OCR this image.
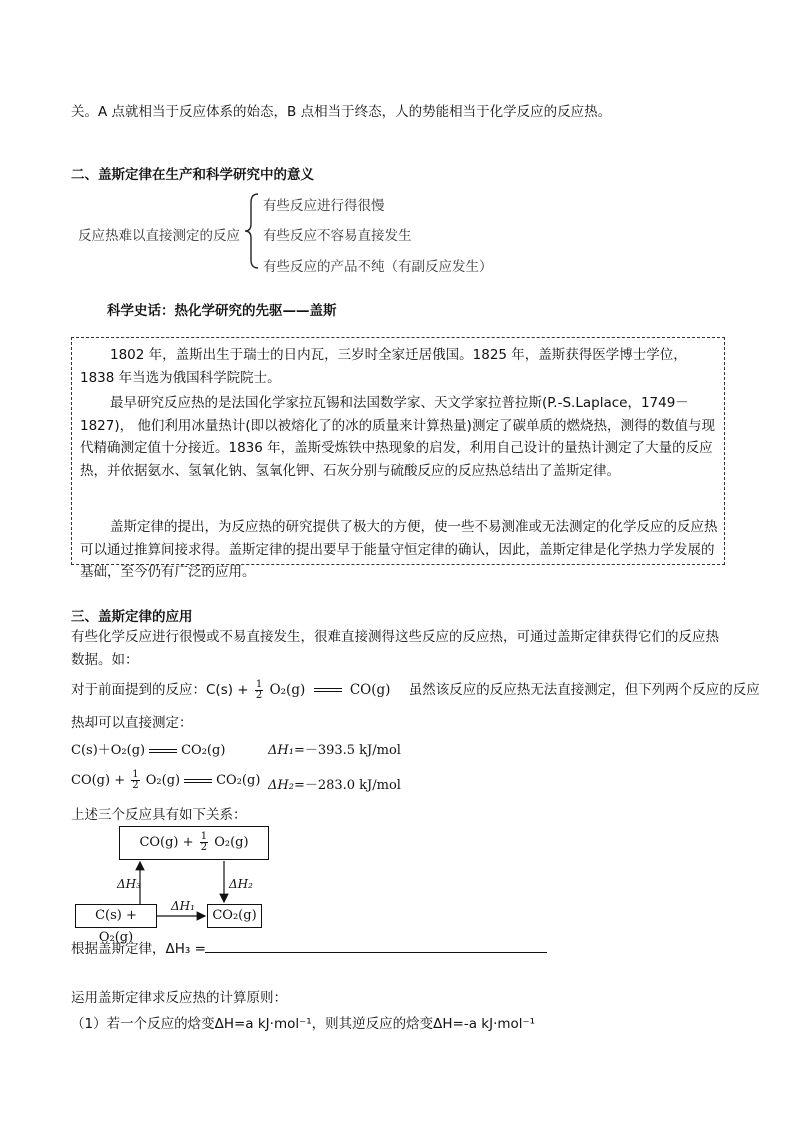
关。A 点就相当于反应体系的始态，B 点相当于终态，人的势能相当于化学反应的反应热。
二、盖斯定律在生产和科学研究中的意义
反应热难以直接测定的反应
有些反应进行得很慢
有些反应不容易直接发生
有些反应的产品不纯（有副反应发生）
科学史话：热化学研究的先驱——盖斯
1802 年，盖斯出生于瑞士的日内瓦，三岁时全家迁居俄国。1825 年，盖斯获得医学博士学位，1838 年当选为俄国科学院院士。
最早研究反应热的是法国化学家拉瓦锡和法国数学家、天文学家拉普拉斯(P.-S.Laplace，1749－1827)， 他们利用冰量热计(即以被熔化了的冰的质量来计算热量)测定了碳单质的燃烧热，测得的数值与现代精确测定值十分接近。1836 年，盖斯受炼铁中热现象的启发，利用自己设计的量热计测定了大量的反应热，并依据氨水、氢氧化钠、氢氧化钾、石灰分别与硫酸反应的反应热总结出了盖斯定律。
盖斯定律的提出，为反应热的研究提供了极大的方便，使一些不易测准或无法测定的化学反应的反应热可以通过推算间接求得。盖斯定律的提出要早于能量守恒定律的确认，因此，盖斯定律是化学热力学发展的基础，至今仍有广泛的应用。
三、盖斯定律的应用
有些化学反应进行很慢或不易直接发生，很难直接测得这些反应的反应热，可通过盖斯定律获得它们的反应热数据。如：
对于前面提到的反应：$C(s) + \frac{1}{2} O_2(g)$	CO(g) 虽然该反应的反应热无法直接测定，但下列两个反应的反应
热却可以直接测定：
C(s)＋O₂(g)	CO₂(g)	ΔH₁=－393.5 kJ/mol
$CO(g) + \frac{1}{2} O_2(g)$	CO₂(g) ΔH₂=－283.0 kJ/mol
上述三个反应具有如下关系：
$CO(g) + \frac{1}{2} O_2(g)$
C(s) + O₂(g)
CO₂(g)
ΔH₃	ΔH₂
ΔH₁
根据盖斯定律，ΔH₃ =
运用盖斯定律求反应热的计算原则：
（1）若一个反应的焓变ΔH=a kJ·mol⁻¹，则其逆反应的焓变ΔH=-a kJ·mol⁻¹
